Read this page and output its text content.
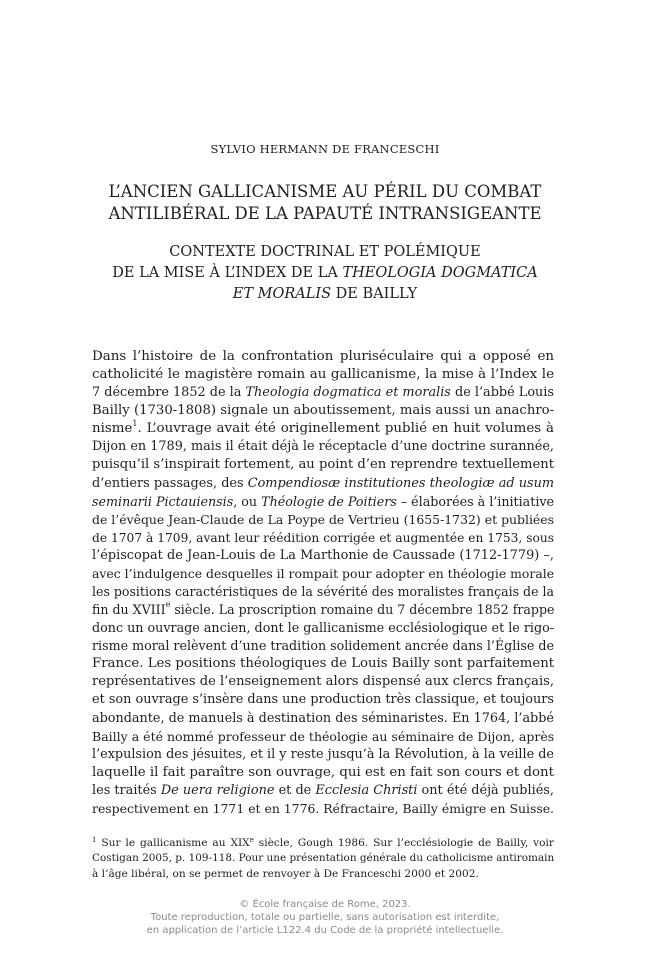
SYLVIO HERMANN DE FRANCESCHI
L’ANCIEN GALLICANISME AU PÉRIL DU COMBAT
ANTILIBÉRAL DE LA PAPAUTÉ INTRANSIGEANTE
CONTEXTE DOCTRINAL ET POLÉMIQUE
DE LA MISE À L’INDEX DE LA THEOLOGIA DOGMATICA
ET MORALIS DE BAILLY
Dans l’histoire de la confrontation pluriséculaire qui a opposé en
catholicité le magistère romain au gallicanisme, la mise à l’Index le
7 décembre 1852 de la Theologia dogmatica et moralis de l’abbé Louis
Bailly (1730-1808) signale un aboutissement, mais aussi un anachro-
nisme$^1$. L’ouvrage avait été originellement publié en huit volumes à
Dijon en 1789, mais il était déjà le réceptacle d’une doctrine surannée,
puisqu’il s’inspirait fortement, au point d’en reprendre textuellement
d’entiers passages, des Compendiosæ institutiones theologiæ ad usum
seminarii Pictauiensis, ou Théologie de Poitiers – élaborées à l’initiative
de l’évêque Jean-Claude de La Poype de Vertrieu (1655-1732) et publiées
de 1707 à 1709, avant leur réédition corrigée et augmentée en 1753, sous
l’épiscopat de Jean-Louis de La Marthonie de Caussade (1712-1779) –,
avec l’indulgence desquelles il rompait pour adopter en théologie morale
les positions caractéristiques de la sévérité des moralistes français de la
fin du XVIIIe siècle. La proscription romaine du 7 décembre 1852 frappe
donc un ouvrage ancien, dont le gallicanisme ecclésiologique et le rigo-
risme moral relèvent d’une tradition solidement ancrée dans l’Église de
France. Les positions théologiques de Louis Bailly sont parfaitement
représentatives de l’enseignement alors dispensé aux clercs français,
et son ouvrage s’insère dans une production très classique, et toujours
abondante, de manuels à destination des séminaristes. En 1764, l’abbé
Bailly a été nommé professeur de théologie au séminaire de Dijon, après
l’expulsion des jésuites, et il y reste jusqu’à la Révolution, à la veille de
laquelle il fait paraître son ouvrage, qui est en fait son cours et dont
les traités De uera religione et de Ecclesia Christi ont été déjà publiés,
respectivement en 1771 et en 1776. Réfractaire, Bailly émigre en Suisse.
$^1$ Sur le gallicanisme au XIXe siècle, Gough 1986. Sur l’ecclésiologie de Bailly, voir
Costigan 2005, p. 109-118. Pour une présentation générale du catholicisme antiromain
à l’âge libéral, on se permet de renvoyer à De Franceschi 2000 et 2002.
© École française de Rome, 2023.
Toute reproduction, totale ou partielle, sans autorisation est interdite,
en application de l’article L122.4 du Code de la propriété intellectuelle.
